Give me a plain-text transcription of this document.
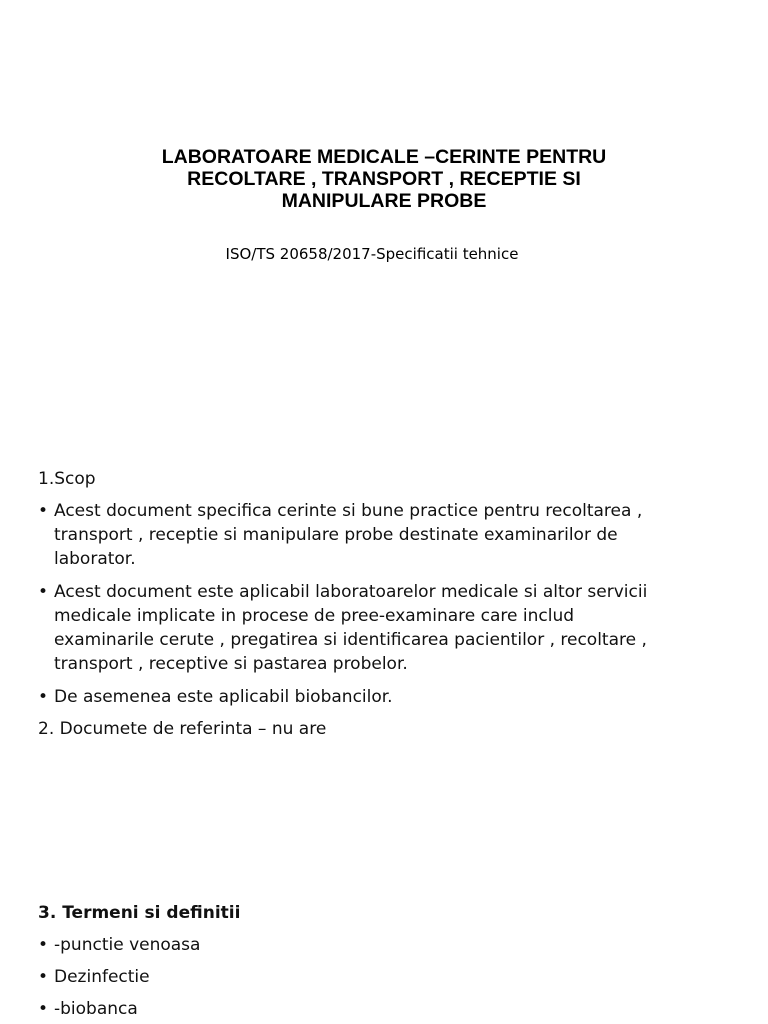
LABORATOARE MEDICALE –CERINTE PENTRU
RECOLTARE , TRANSPORT , RECEPTIE SI
MANIPULARE PROBE
ISO/TS 20658/2017-Specificatii tehnice
1.Scop
• Acest document specifica cerinte si bune practice pentru recoltarea ,
transport , receptie si manipulare probe destinate examinarilor de
laborator.
• Acest document este aplicabil laboratoarelor medicale si altor servicii
medicale implicate in procese de pree-examinare care includ
examinarile cerute , pregatirea si identificarea pacientilor , recoltare ,
transport , receptive si pastarea probelor.
• De asemenea este aplicabil biobancilor.
2. Documete de referinta – nu are
3. Termeni si definitii
• -punctie venoasa
• Dezinfectie
• -biobanca
